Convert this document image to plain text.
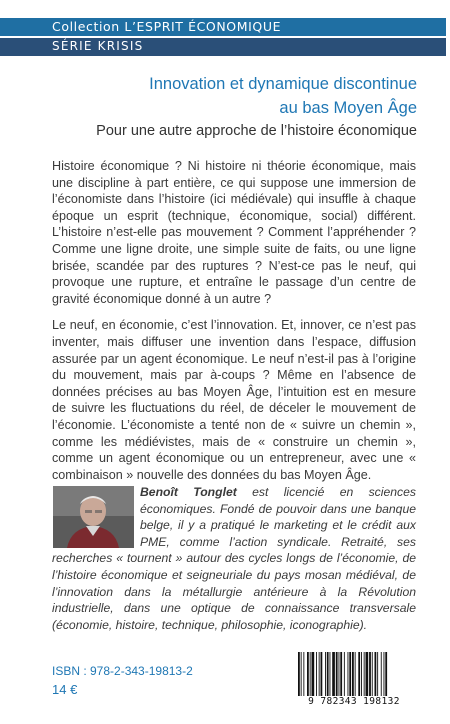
Collection L’ESPRIT ÉCONOMIQUE
SÉRIE KRISIS
Innovation et dynamique discontinue
au bas Moyen Âge
Pour une autre approche de l’histoire économique

Histoire économique ? Ni histoire ni théorie économique, mais une discipline à part entière, ce qui suppose une immersion de l’économiste dans l’histoire (ici médiévale) qui insuffle à chaque époque un esprit (technique, économique, social) différent. L’histoire n’est-elle pas mouvement ? Comment l’appréhender ? Comme une ligne droite, une simple suite de faits, ou une ligne brisée, scandée par des ruptures ? N’est-ce pas le neuf, qui provoque une rupture, et entraîne le passage d’un centre de gravité économique donné à un autre ?

Le neuf, en économie, c’est l’innovation. Et, innover, ce n’est pas inventer, mais diffuser une invention dans l’espace, diffusion assurée par un agent économique. Le neuf n’est-il pas à l’origine du mouvement, mais par à-coups ? Même en l’absence de données précises au bas Moyen Âge, l’intuition est en mesure de suivre les fluctuations du réel, de déceler le mouvement de l’économie. L’économiste a tenté non de « suivre un chemin », comme les médiévistes, mais de « construire un chemin », comme un agent économique ou un entrepreneur, avec une « combinaison » nouvelle des données du bas Moyen Âge.

Benoît Tonglet est licencié en sciences économiques. Fondé de pouvoir dans une banque belge, il y a pratiqué le marketing et le crédit aux PME, comme l’action syndicale. Retraité, ses recherches « tournent » autour des cycles longs de l’économie, de l’histoire économique et seigneuriale du pays mosan médiéval, de l’innovation dans la métallurgie antérieure à la Révolution industrielle, dans une optique de connaissance transversale (économie, histoire, technique, philosophie, iconographie).
ISBN : 978-2-343-19813-2
14 €
9 782343 198132
